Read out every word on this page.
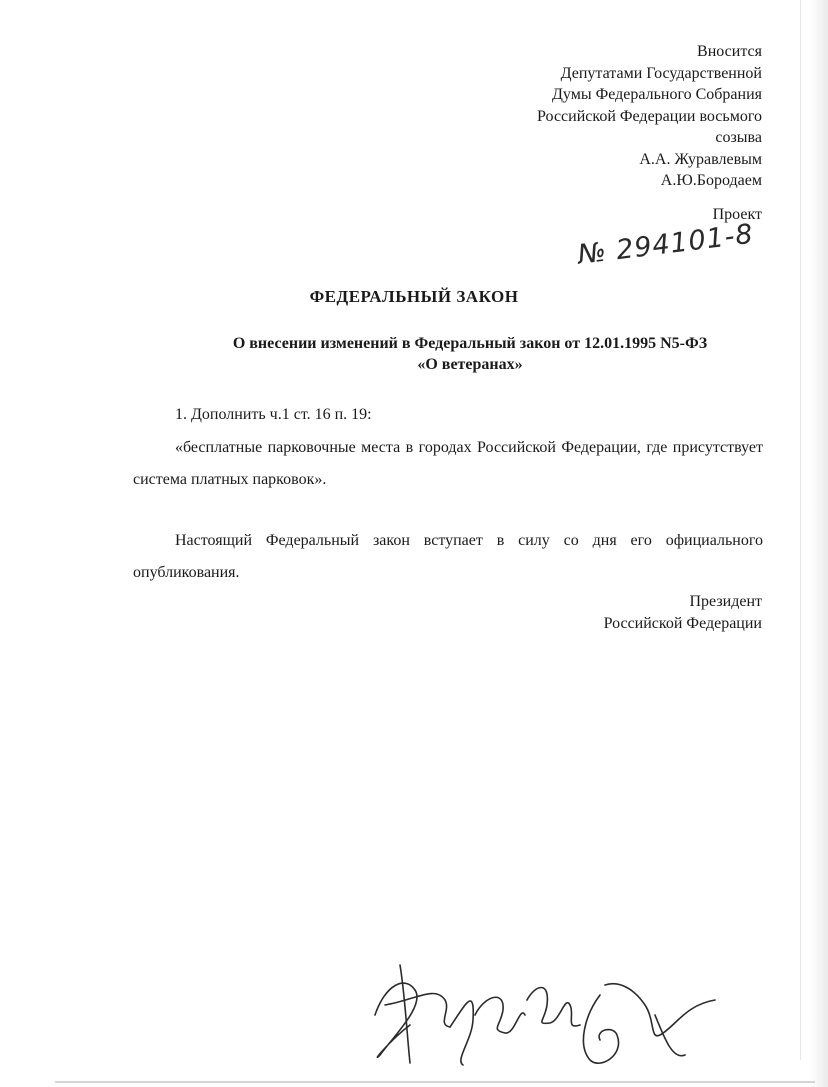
Вносится
Депутатами Государственной
Думы Федерального Собрания
Российской Федерации восьмого
созыва
А.А. Журавлевым
А.Ю.Бородаем
Проект
№ 294101-8
ФЕДЕРАЛЬНЫЙ ЗАКОН
О внесении изменений в Федеральный закон от 12.01.1995 N5-ФЗ
«О ветеранах»
1. Дополнить ч.1 ст. 16 п. 19:
«бесплатные парковочные места в городах Российской Федерации, где присутствует система платных парковок».
Настоящий Федеральный закон вступает в силу со дня его официального опубликования.
Президент
Российской Федерации
